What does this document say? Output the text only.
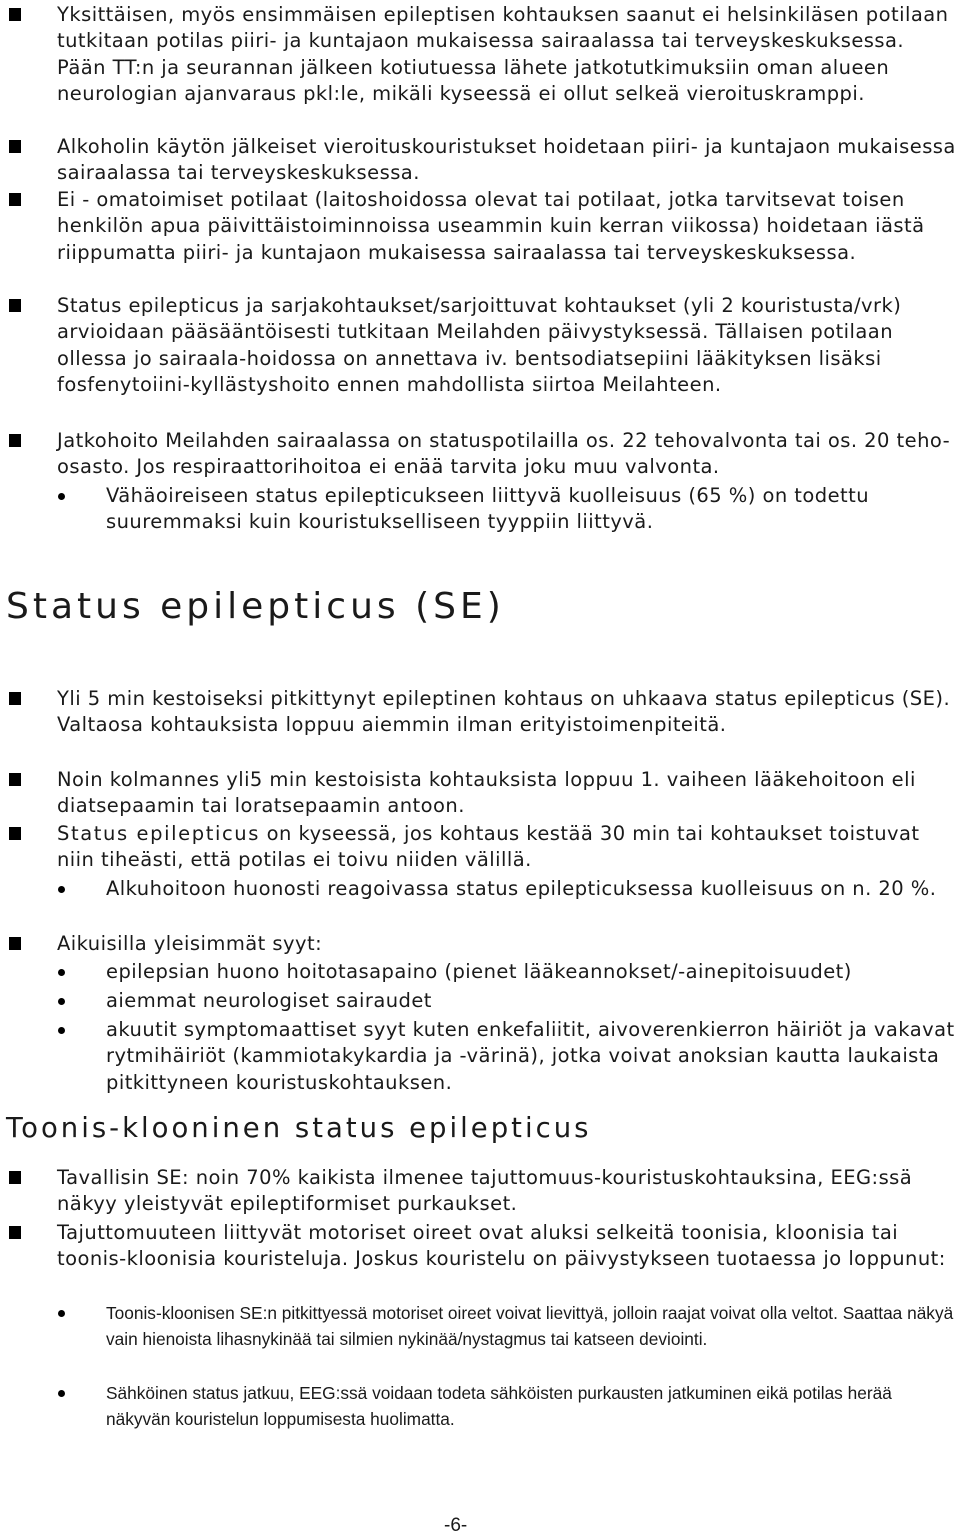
Yksittäisen, myös ensimmäisen epileptisen kohtauksen saanut ei helsinkiläsen potilaan tutkitaan potilas piiri- ja kuntajaon mukaisessa sairaalassa tai terveyskeskuksessa. Pään TT:n ja seurannan jälkeen kotiutuessa lähete jatkotutkimuksiin oman alueen neurologian ajanvaraus pkl:le, mikäli kyseessä ei ollut selkeä vieroituskramppi.
Alkoholin käytön jälkeiset vieroituskouristukset hoidetaan piiri- ja kuntajaon mukaisessa sairaalassa tai terveyskeskuksessa.
Ei - omatoimiset potilaat (laitoshoidossa olevat tai potilaat, jotka tarvitsevat toisen henkilön apua päivittäistoiminnoissa useammin kuin kerran viikossa) hoidetaan iästä riippumatta piiri- ja kuntajaon mukaisessa sairaalassa tai terveyskeskuksessa.
Status epilepticus ja sarjakohtaukset/sarjoittuvat kohtaukset (yli 2 kouristusta/vrk) arvioidaan pääsääntöisesti tutkitaan Meilahden päivystyksessä. Tällaisen potilaan ollessa jo sairaala-hoidossa on annettava iv. bentsodiatsepiini lääkityksen lisäksi fosfenytoiini-kyllästyshoito ennen mahdollista siirtoa Meilahteen.
Jatkohoito Meilahden sairaalassa on statuspotilailla os. 22 tehovalvonta tai os. 20 teho-osasto. Jos respiraattorihoitoa ei enää tarvita joku muu valvonta.
Vähäoireiseen status epilepticukseen liittyvä kuolleisuus (65 %) on todettu suuremmaksi kuin kouristukselliseen tyyppiin liittyvä.
Status epilepticus (SE)
Yli 5 min kestoiseksi pitkittynyt epileptinen kohtaus on uhkaava status epilepticus (SE). Valtaosa kohtauksista loppuu aiemmin ilman erityistoimenpiteitä.
Noin kolmannes yli5 min kestoisista kohtauksista loppuu 1. vaiheen lääkehoitoon eli diatsepaamin tai loratsepaamin antoon.
Status epilepticus on kyseessä, jos kohtaus kestää 30 min tai kohtaukset toistuvat niin tiheästi, että potilas ei toivu niiden välillä.
Alkuhoitoon huonosti reagoivassa status epilepticuksessa kuolleisuus on n. 20 %.
Aikuisilla yleisimmät syyt:
epilepsian huono hoitotasapaino (pienet lääkeannokset/-ainepitoisuudet)
aiemmat neurologiset sairaudet
akuutit symptomaattiset syyt kuten enkefaliitit, aivoverenkierron häiriöt ja vakavat rytmihäiriöt (kammiotakykardia ja -värinä), jotka voivat anoksian kautta laukaista pitkittyneen kouristuskohtauksen.
Toonis-klooninen status epilepticus
Tavallisin SE: noin 70% kaikista ilmenee tajuttomuus-kouristuskohtauksina, EEG:ssä näkyy yleistyvät epileptiformiset purkaukset.
Tajuttomuuteen liittyvät motoriset oireet ovat aluksi selkeitä toonisia, kloonisia tai toonis-kloonisia kouristeluja. Joskus kouristelu on päivystykseen tuotaessa jo loppunut:
Toonis-kloonisen SE:n pitkittyessä motoriset oireet voivat lievittyä, jolloin raajat voivat olla veltot. Saattaa näkyä vain hienoista lihasnykinää tai silmien nykinää/nystagmus tai katseen deviointi.
Sähköinen status jatkuu, EEG:ssä voidaan todeta sähköisten purkausten jatkuminen eikä potilas herää näkyvän kouristelun loppumisesta huolimatta.
-6-
